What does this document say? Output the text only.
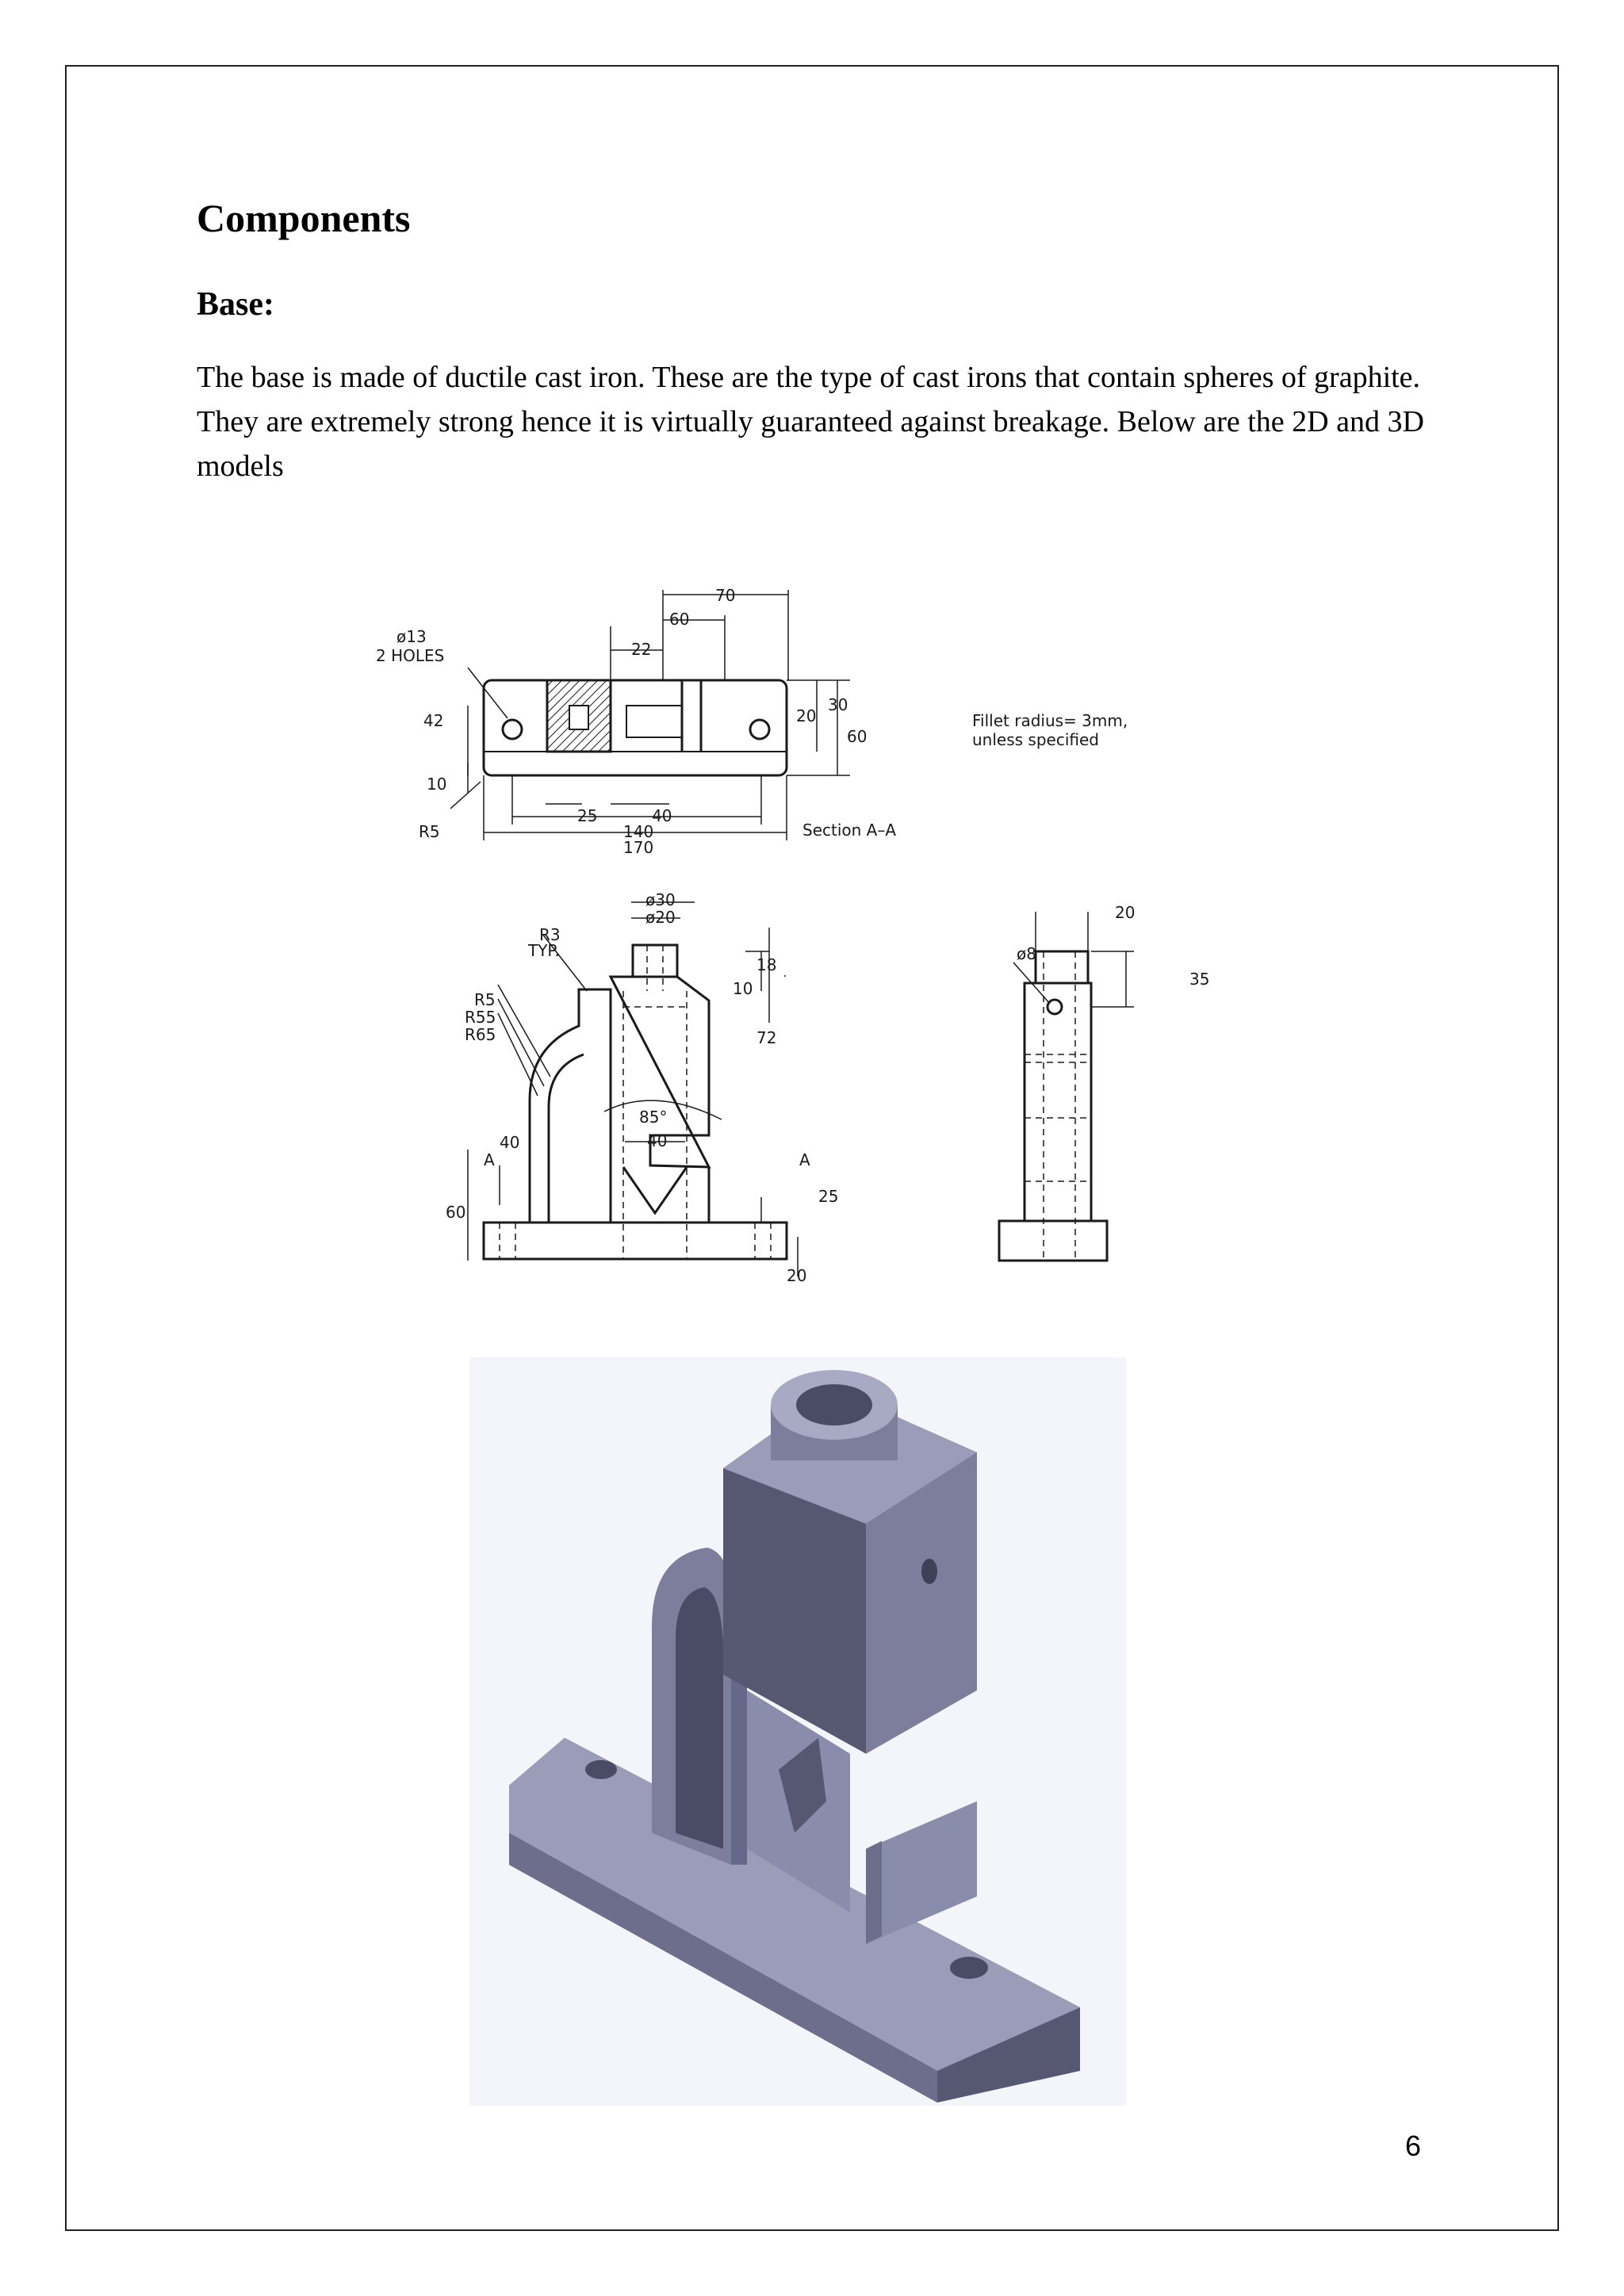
Components
Base:
The base is made of ductile cast iron. These are the type of cast irons that contain spheres of graphite. They are extremely strong hence it is virtually guaranteed against breakage. Below are the 2D and 3D models
ø13
2 HOLES
70
60
22
42
10
20
30
60
R5
25	40
140
170
Section A–A
Fillet radius= 3mm,
unless specified
ø30
ø20
R3
TYP.
R5
R55
R65
18
10
72
85°
40	40
A	A
60
25
20
20
ø8
35
6
